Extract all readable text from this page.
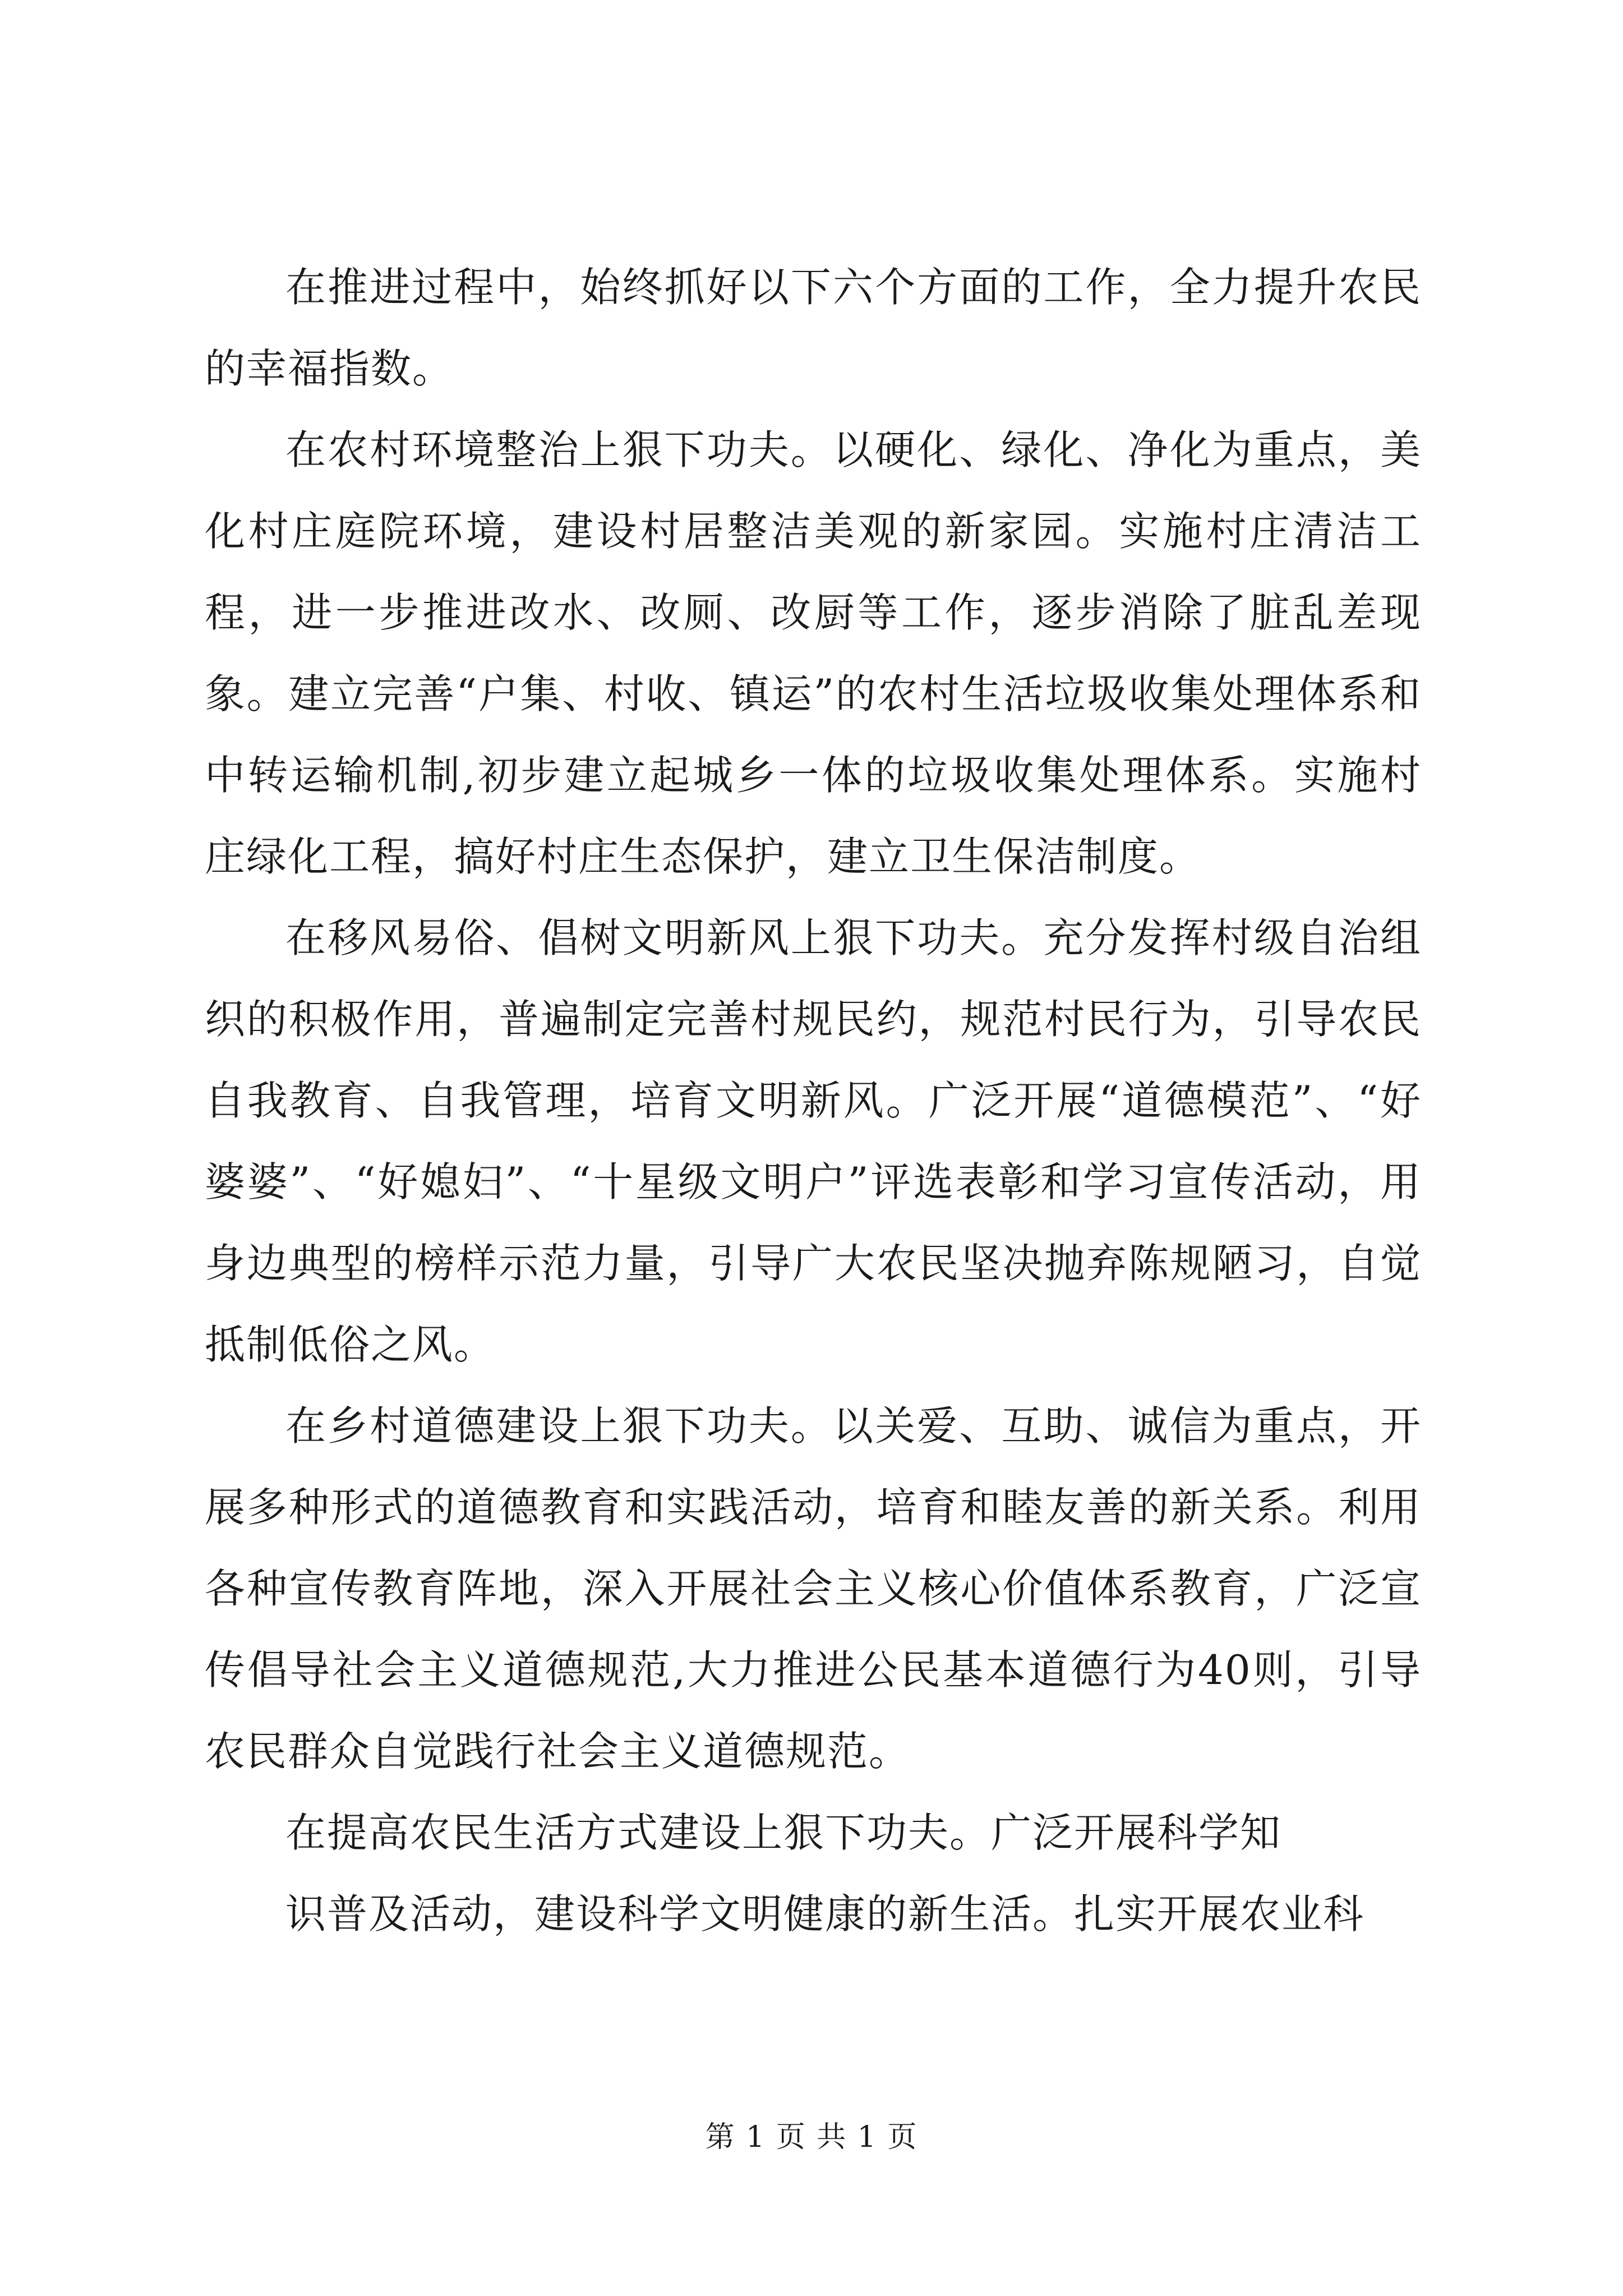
在推进过程中，始终抓好以下六个方面的工作，全力提升农民的幸福指数。

在农村环境整治上狠下功夫。以硬化、绿化、净化为重点，美化村庄庭院环境，建设村居整洁美观的新家园。实施村庄清洁工程，进一步推进改水、改厕、改厨等工作，逐步消除了脏乱差现象。建立完善“户集、村收、镇运”的农村生活垃圾收集处理体系和中转运输机制,初步建立起城乡一体的垃圾收集处理体系。实施村庄绿化工程，搞好村庄生态保护，建立卫生保洁制度。

在移风易俗、倡树文明新风上狠下功夫。充分发挥村级自治组织的积极作用，普遍制定完善村规民约，规范村民行为，引导农民自我教育、自我管理，培育文明新风。广泛开展“道德模范”、“好婆婆”、“好媳妇”、“十星级文明户”评选表彰和学习宣传活动，用身边典型的榜样示范力量，引导广大农民坚决抛弃陈规陋习，自觉抵制低俗之风。

在乡村道德建设上狠下功夫。以关爱、互助、诚信为重点，开展多种形式的道德教育和实践活动，培育和睦友善的新关系。利用各种宣传教育阵地，深入开展社会主义核心价值体系教育，广泛宣传倡导社会主义道德规范,大力推进公民基本道德行为40则，引导农民群众自觉践行社会主义道德规范。

在提高农民生活方式建设上狠下功夫。广泛开展科学知

识普及活动，建设科学文明健康的新生活。扎实开展农业科

第 1 页 共 1 页
